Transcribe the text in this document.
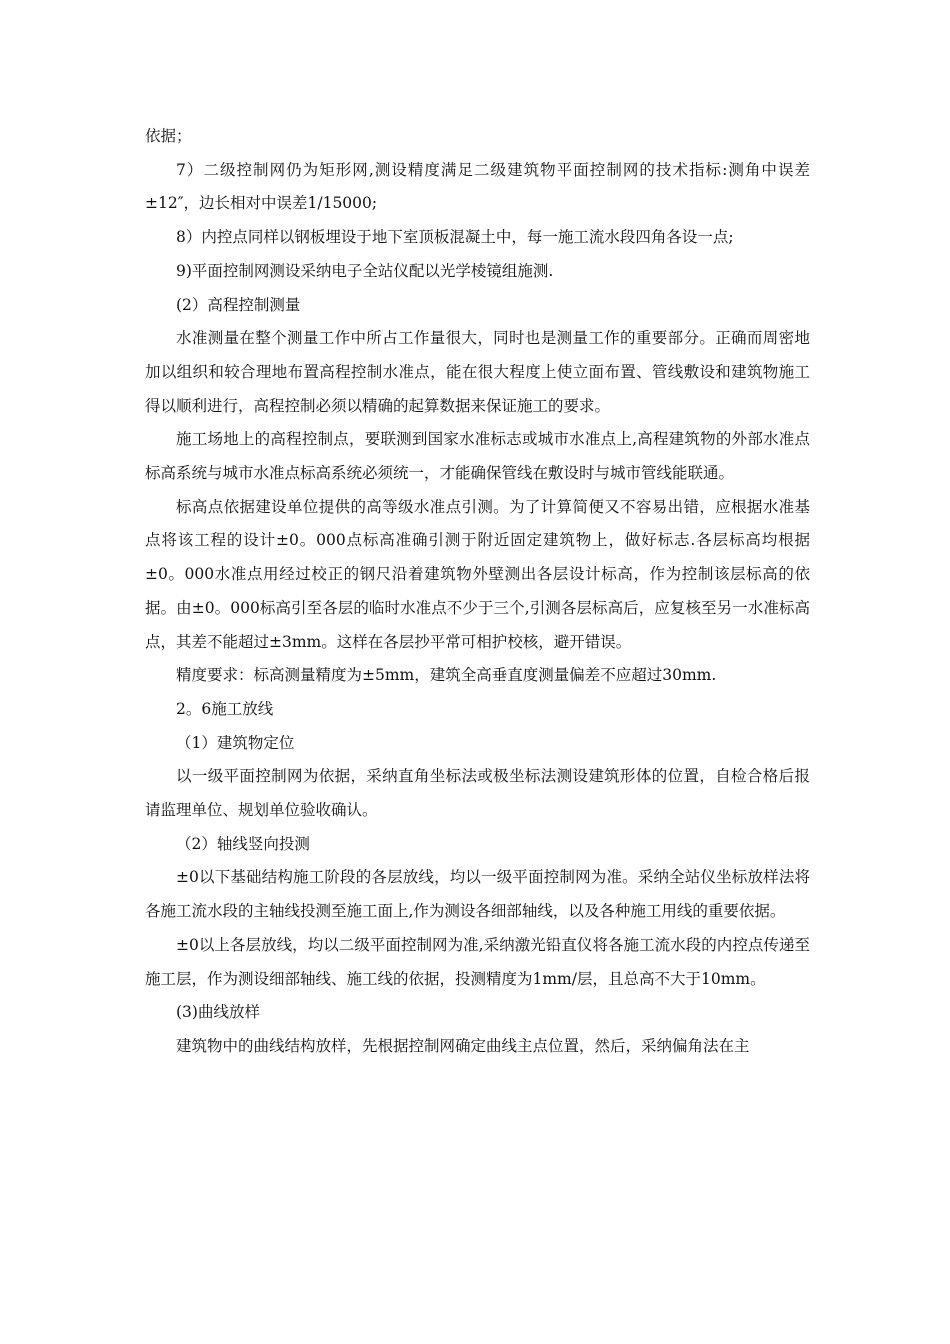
依据；

7）二级控制网仍为矩形网,测设精度满足二级建筑物平面控制网的技术指标:测角中误差±12″，边长相对中误差1/15000;

8）内控点同样以钢板埋设于地下室顶板混凝土中，每一施工流水段四角各设一点;

9)平面控制网测设采纳电子全站仪配以光学棱镜组施测.

(2）高程控制测量

水准测量在整个测量工作中所占工作量很大，同时也是测量工作的重要部分。正确而周密地加以组织和较合理地布置高程控制水准点，能在很大程度上使立面布置、管线敷设和建筑物施工得以顺利进行，高程控制必须以精确的起算数据来保证施工的要求。

施工场地上的高程控制点，要联测到国家水准标志或城市水准点上,高程建筑物的外部水准点标高系统与城市水准点标高系统必须统一，才能确保管线在敷设时与城市管线能联通。

标高点依据建设单位提供的高等级水准点引测。为了计算简便又不容易出错，应根据水准基点将该工程的设计±0。000点标高准确引测于附近固定建筑物上，做好标志.各层标高均根据±0。000水准点用经过校正的钢尺沿着建筑物外壁测出各层设计标高，作为控制该层标高的依据。由±0。000标高引至各层的临时水准点不少于三个,引测各层标高后，应复核至另一水准标高点，其差不能超过±3mm。这样在各层抄平常可相护校核，避开错误。

精度要求：标高测量精度为±5mm，建筑全高垂直度测量偏差不应超过30mm.

2。6施工放线

（1）建筑物定位

以一级平面控制网为依据，采纳直角坐标法或极坐标法测设建筑形体的位置，自检合格后报请监理单位、规划单位验收确认。

（2）轴线竖向投测

±0以下基础结构施工阶段的各层放线，均以一级平面控制网为准。采纳全站仪坐标放样法将各施工流水段的主轴线投测至施工面上,作为测设各细部轴线，以及各种施工用线的重要依据。

±0以上各层放线，均以二级平面控制网为准,采纳激光铅直仪将各施工流水段的内控点传递至施工层，作为测设细部轴线、施工线的依据，投测精度为1mm/层，且总高不大于10mm。

(3)曲线放样

建筑物中的曲线结构放样，先根据控制网确定曲线主点位置，然后，采纳偏角法在主
